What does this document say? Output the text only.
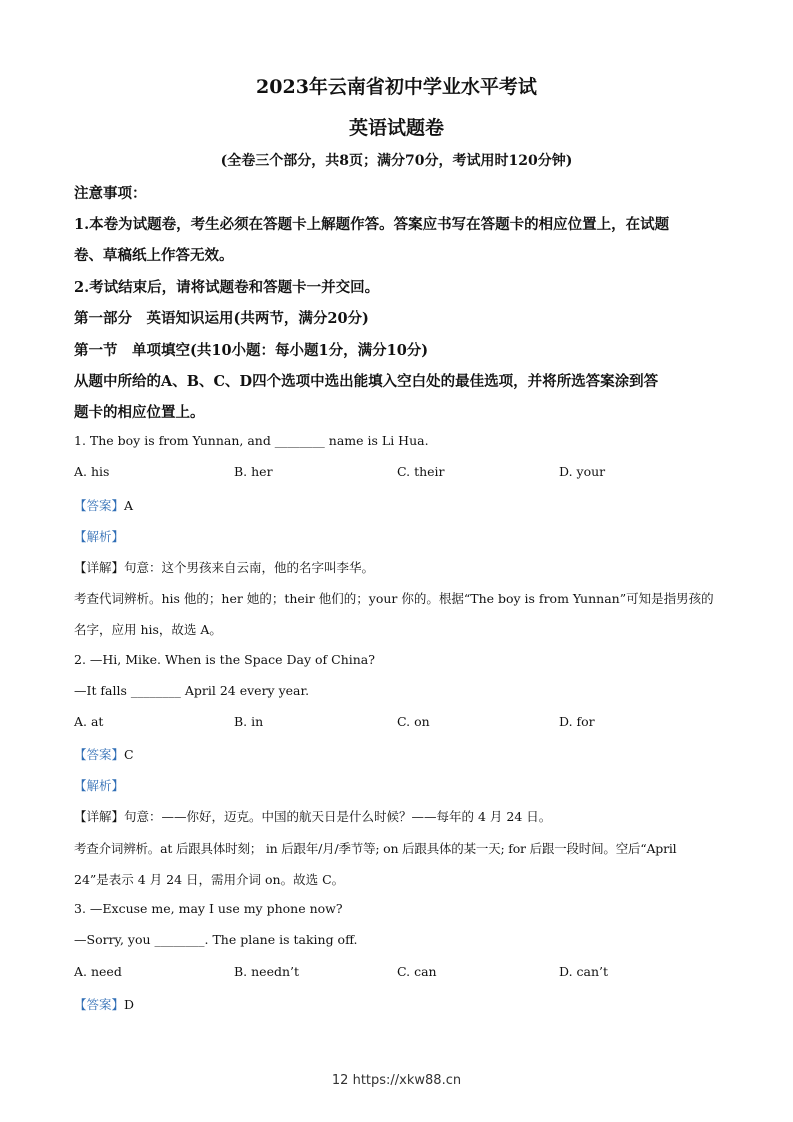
2023年云南省初中学业水平考试
英语试题卷
(全卷三个部分，共8页；满分70分，考试用时120分钟)
注意事项：
1.本卷为试题卷，考生必须在答题卡上解题作答。答案应书写在答题卡的相应位置上，在试题
卷、草稿纸上作答无效。
2.考试结束后，请将试题卷和答题卡一并交回。
第一部分　英语知识运用(共两节，满分20分)
第一节　单项填空(共10小题：每小题1分，满分10分)
从题中所给的A、B、C、D四个选项中选出能填入空白处的最佳选项，并将所选答案涂到答
题卡的相应位置上。
1. The boy is from Yunnan, and ________ name is Li Hua.
A. his	B. her	C. their	D. your
【答案】A
【解析】
【详解】句意：这个男孩来自云南，他的名字叫李华。
考查代词辨析。his 他的；her 她的；their 他们的；your 你的。根据“The boy is from Yunnan”可知是指男孩的
名字，应用 his，故选 A。
2. —Hi, Mike. When is the Space Day of China?
—It falls ________ April 24 every year.
A. at	B. in	C. on	D. for
【答案】C
【解析】
【详解】句意：——你好，迈克。中国的航天日是什么时候？——每年的 4 月 24 日。
考查介词辨析。at 后跟具体时刻； in 后跟年/月/季节等; on 后跟具体的某一天; for 后跟一段时间。空后“April
24”是表示 4 月 24 日，需用介词 on。故选 C。
3. —Excuse me, may I use my phone now?
—Sorry, you ________. The plane is taking off.
A. need	B. needn’t	C. can	D. can’t
【答案】D
12 https://xkw88.cn
